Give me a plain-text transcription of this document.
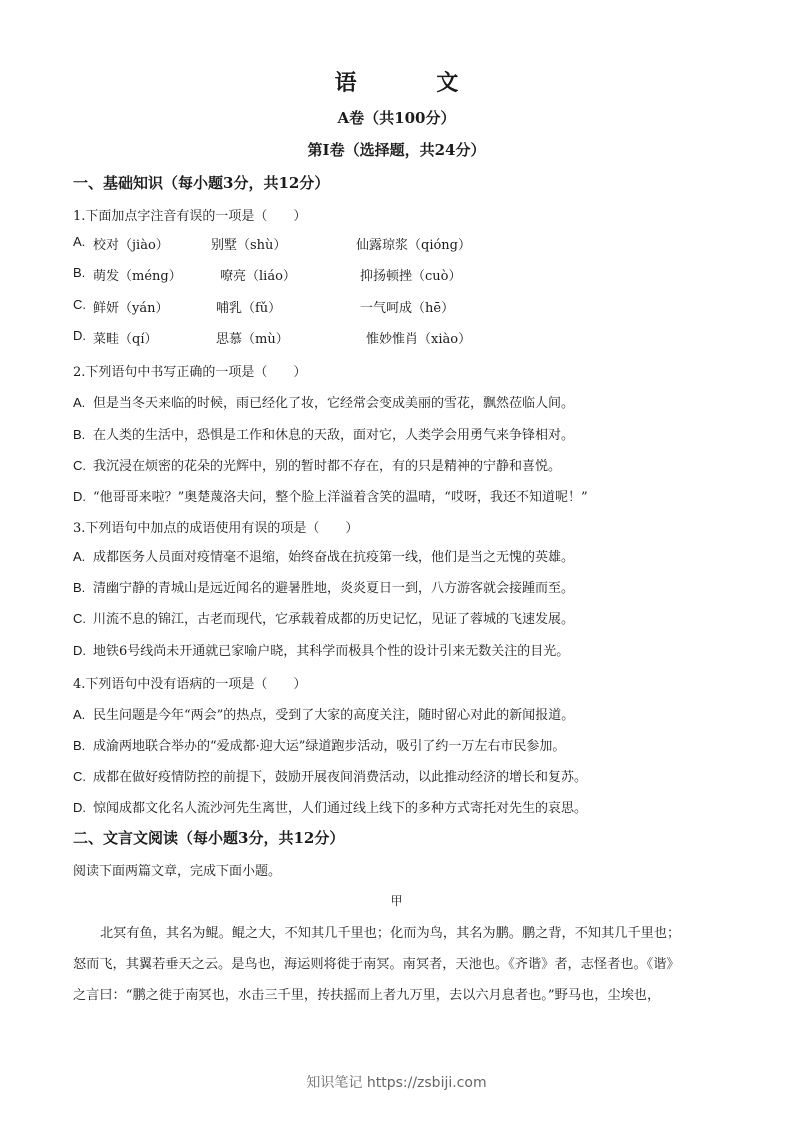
语 文
A卷（共100分）
第Ⅰ卷（选择题，共24分）
一、基础知识（每小题3分，共12分）
1.下面加点字注音有误的一项是（　　）
A. 校对（jiào）	别墅（shù）	仙露琼浆（qióng）
B. 萌发（méng）	嘹亮（liáo）	抑扬顿挫（cuò）
C. 鲜妍（yán）	哺乳（fǔ）	一气呵成（hē）
D. 菜畦（qí）	思慕（mù）	惟妙惟肖（xiào）
2.下列语句中书写正确的一项是（　　）
A. 但是当冬天来临的时候，雨已经化了妆，它经常会变成美丽的雪花，飘然莅临人间。
B. 在人类的生活中，恐惧是工作和休息的天敌，面对它，人类学会用勇气来争锋相对。
C. 我沉浸在烦密的花朵的光辉中，别的暂时都不存在，有的只是精神的宁静和喜悦。
D. “他哥哥来啦？”奥楚蔑洛夫问，整个脸上洋溢着含笑的温晴，“哎呀，我还不知道呢！”
3.下列语句中加点的成语使用有误的项是（　　）
A. 成都医务人员面对疫情毫不退缩，始终奋战在抗疫第一线，他们是当之无愧的英雄。
B. 清幽宁静的青城山是远近闻名的避暑胜地，炎炎夏日一到，八方游客就会接踵而至。
C. 川流不息的锦江，古老而现代，它承载着成都的历史记忆，见证了蓉城的飞速发展。
D. 地铁6号线尚未开通就已家喻户晓，其科学而极具个性的设计引来无数关注的目光。
4.下列语句中没有语病的一项是（　　）
A. 民生问题是今年“两会”的热点，受到了大家的高度关注，随时留心对此的新闻报道。
B. 成渝两地联合举办的“爱成都·迎大运”绿道跑步活动，吸引了约一万左右市民参加。
C. 成都在做好疫情防控的前提下，鼓励开展夜间消费活动，以此推动经济的增长和复苏。
D. 惊闻成都文化名人流沙河先生离世，人们通过线上线下的多种方式寄托对先生的哀思。
二、文言文阅读（每小题3分，共12分）
阅读下面两篇文章，完成下面小题。
甲
北冥有鱼，其名为鲲。鲲之大，不知其几千里也；化而为鸟，其名为鹏。鹏之背，不知其几千里也；
怒而飞，其翼若垂天之云。是鸟也，海运则将徙于南冥。南冥者，天池也。《齐谐》者，志怪者也。《谐》
之言曰：“鹏之徙于南冥也，水击三千里，抟扶摇而上者九万里，去以六月息者也。”野马也，尘埃也，
知识笔记 https://zsbiji.com
